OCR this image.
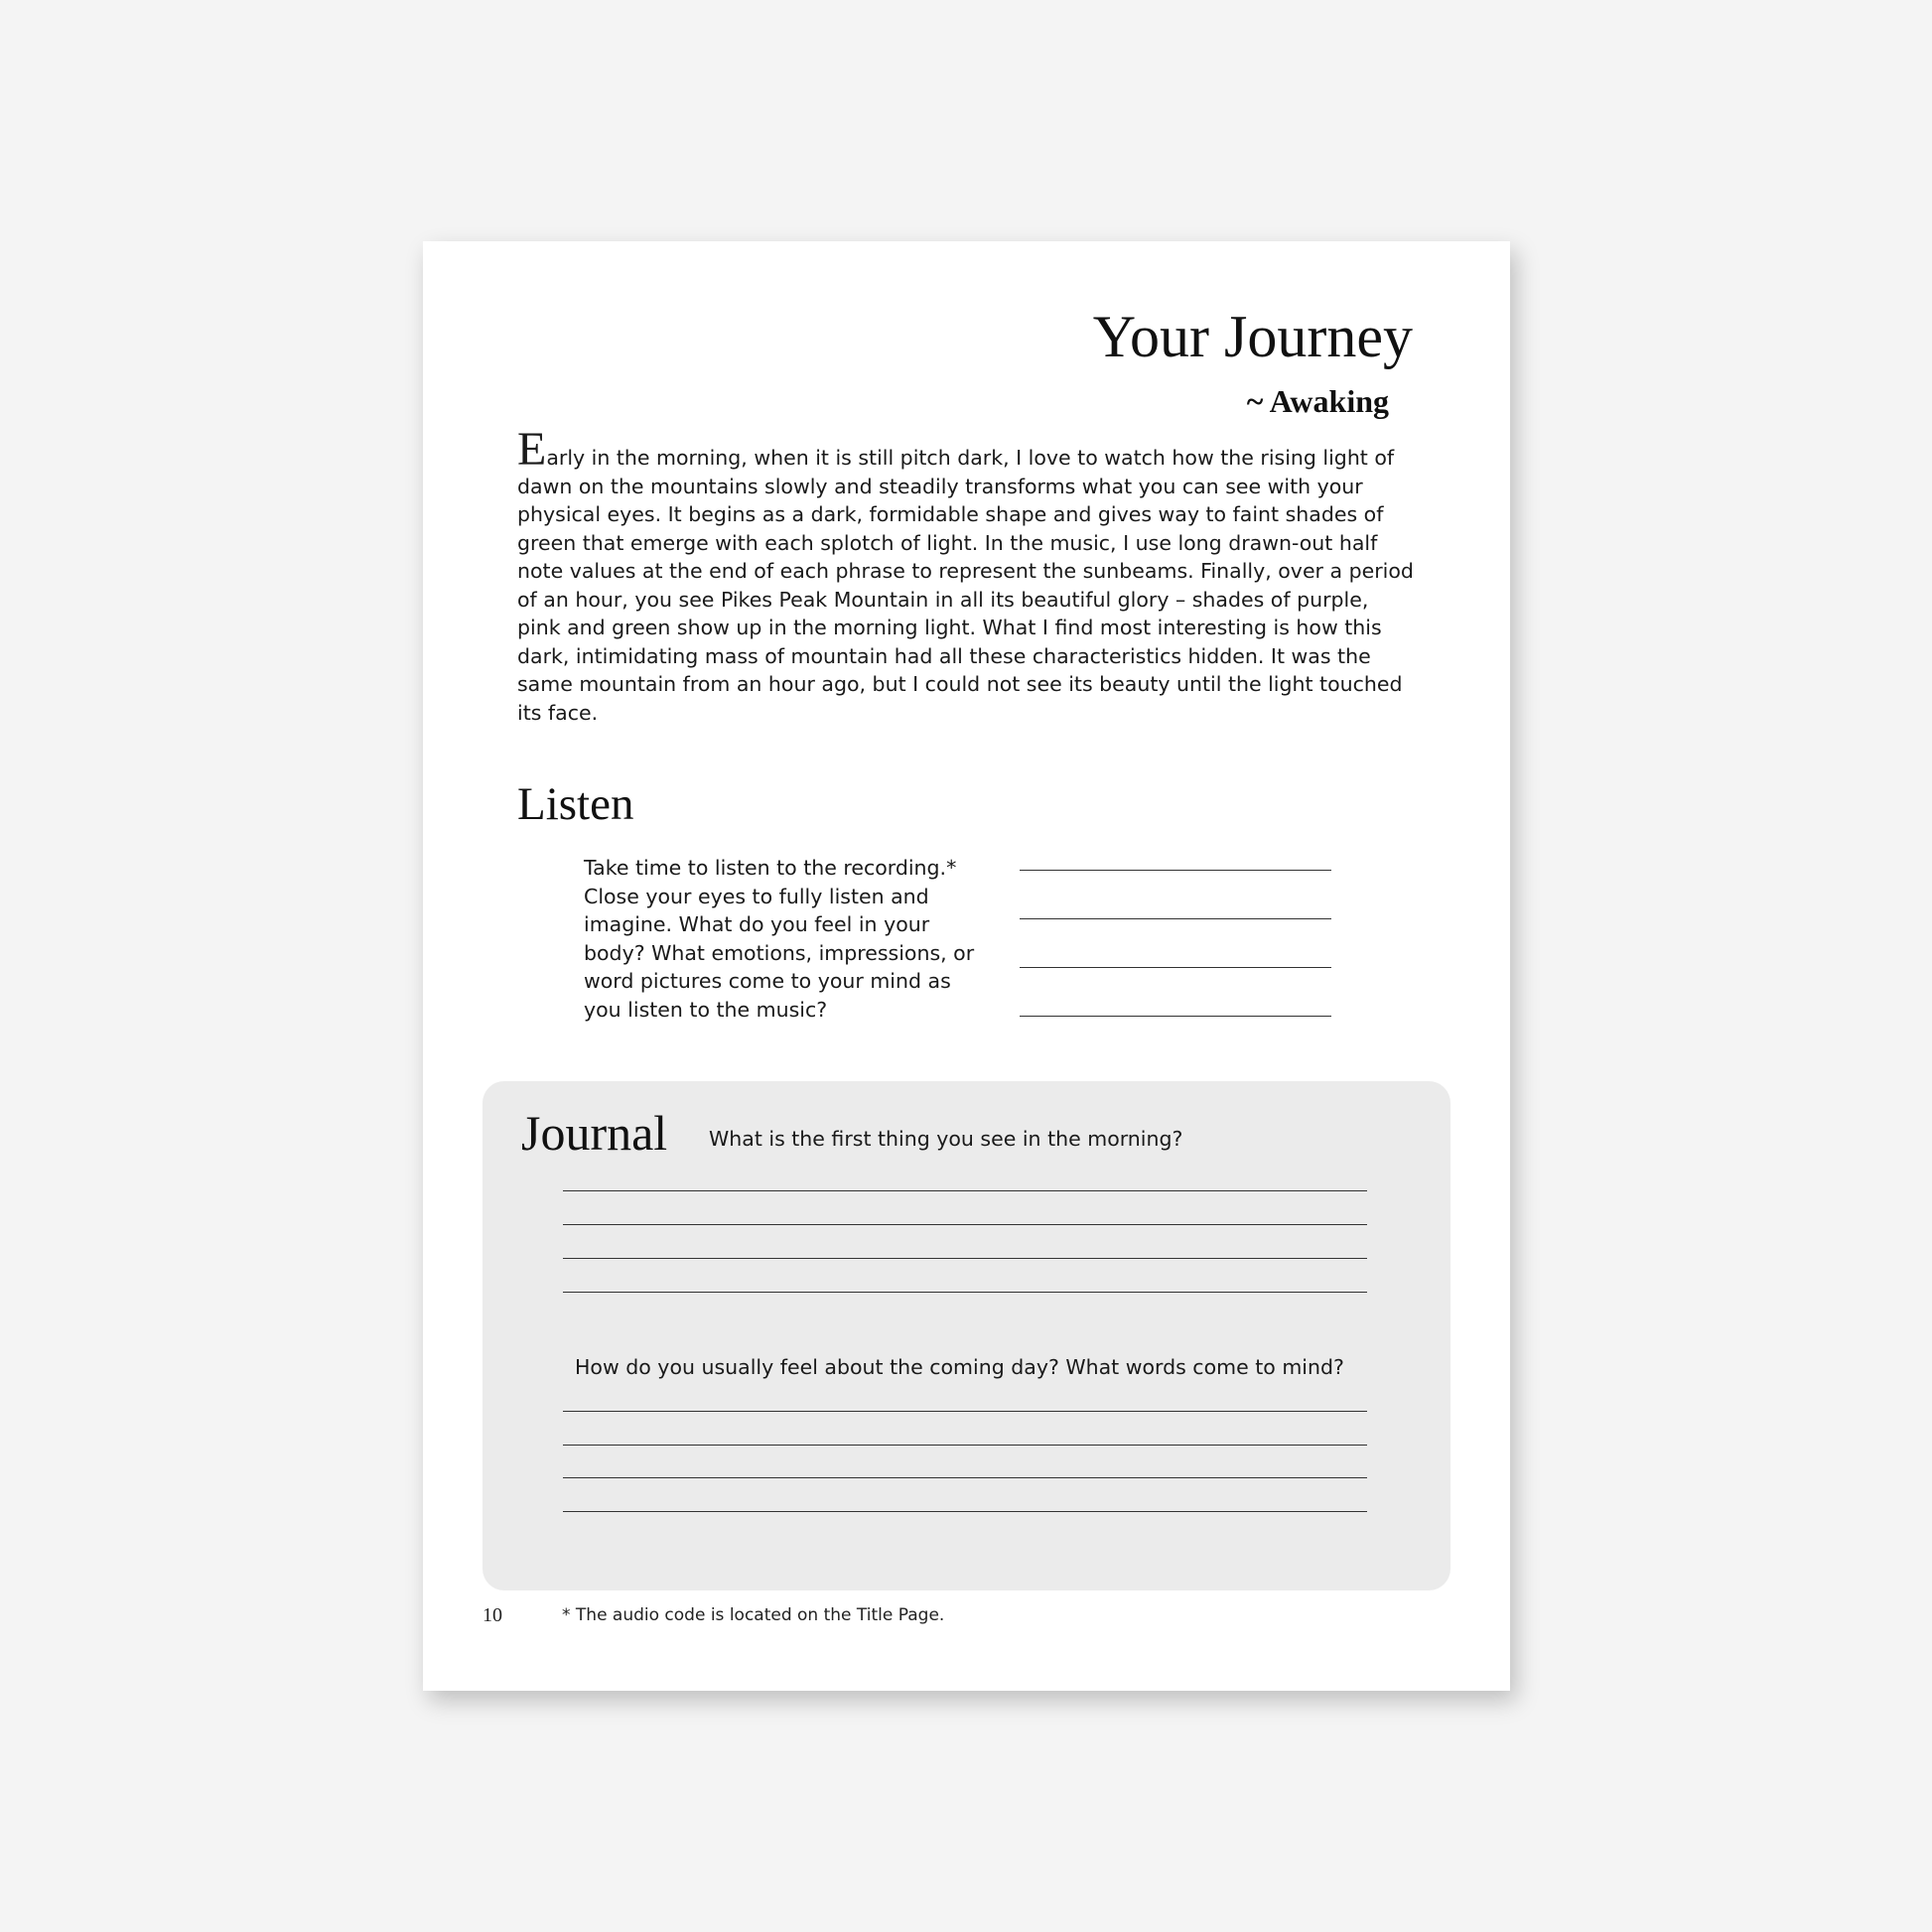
Your Journey
~ Awaking

Early in the morning, when it is still pitch dark, I love to watch how the rising light of dawn on the mountains slowly and steadily transforms what you can see with your physical eyes. It begins as a dark, formidable shape and gives way to faint shades of green that emerge with each splotch of light. In the music, I use long drawn-out half note values at the end of each phrase to represent the sunbeams. Finally, over a period of an hour, you see Pikes Peak Mountain in all its beautiful glory – shades of purple, pink and green show up in the morning light. What I find most interesting is how this dark, intimidating mass of mountain had all these characteristics hidden. It was the same mountain from an hour ago, but I could not see its beauty until the light touched its face.

Listen

Take time to listen to the recording.* Close your eyes to fully listen and imagine. What do you feel in your body? What emotions, impressions, or word pictures come to your mind as you listen to the music?

Journal What is the first thing you see in the morning?

How do you usually feel about the coming day? What words come to mind?

10	* The audio code is located on the Title Page.
